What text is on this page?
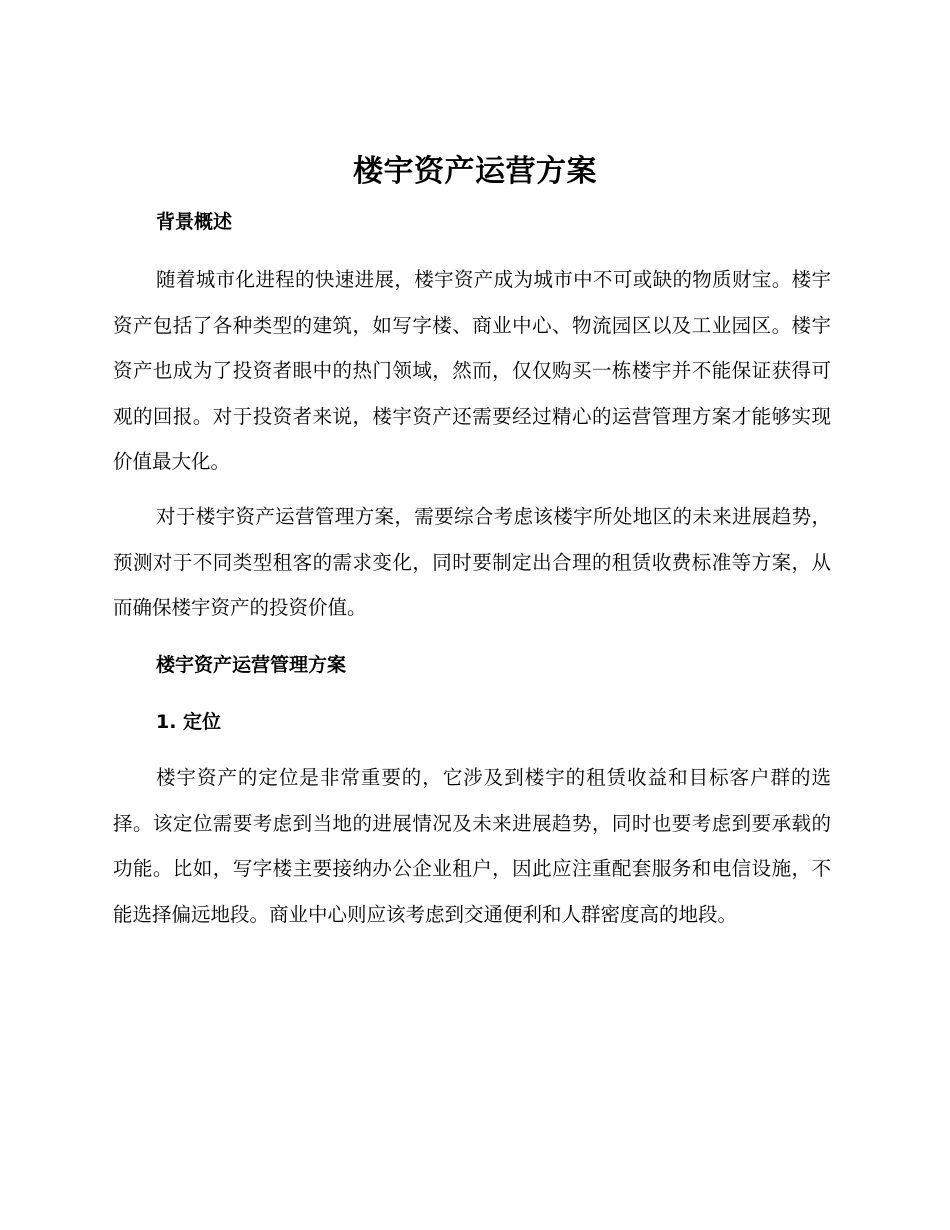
楼宇资产运营方案
背景概述

随着城市化进程的快速进展，楼宇资产成为城市中不可或缺的物质财宝。楼宇资产包括了各种类型的建筑，如写字楼、商业中心、物流园区以及工业园区。楼宇资产也成为了投资者眼中的热门领域，然而，仅仅购买一栋楼宇并不能保证获得可观的回报。对于投资者来说，楼宇资产还需要经过精心的运营管理方案才能够实现价值最大化。

对于楼宇资产运营管理方案，需要综合考虑该楼宇所处地区的未来进展趋势，预测对于不同类型租客的需求变化，同时要制定出合理的租赁收费标准等方案，从而确保楼宇资产的投资价值。

楼宇资产运营管理方案
1. 定位

楼宇资产的定位是非常重要的，它涉及到楼宇的租赁收益和目标客户群的选择。该定位需要考虑到当地的进展情况及未来进展趋势，同时也要考虑到要承载的功能。比如，写字楼主要接纳办公企业租户，因此应注重配套服务和电信设施，不能选择偏远地段。商业中心则应该考虑到交通便利和人群密度高的地段。
